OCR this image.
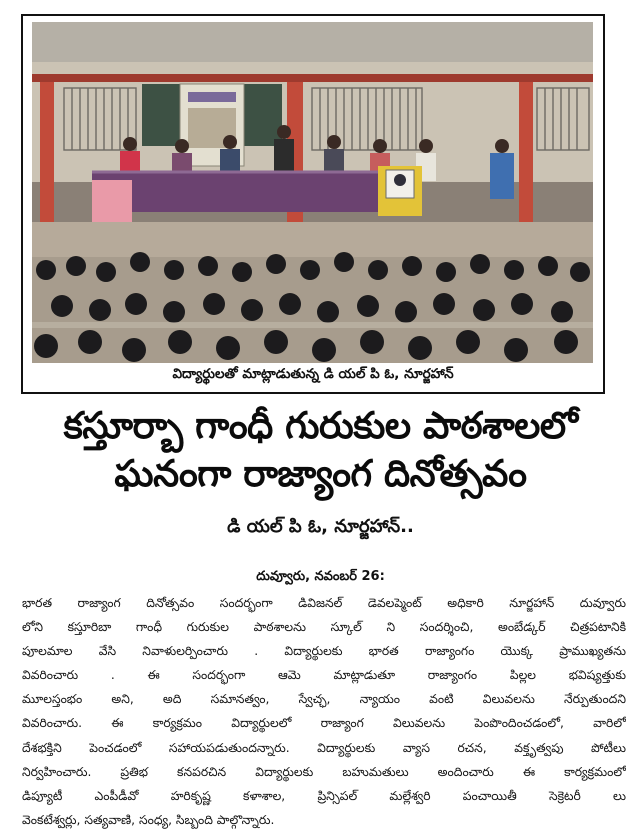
విద్యార్థులతో మాట్లాడుతున్న డి యల్ పి ఓ, నూర్జహాన్
కస్తూర్బా గాంధీ గురుకుల పాఠశాలలో
ఘనంగా రాజ్యాంగ దినోత్సవం
డి యల్ పి ఓ, నూర్జహాన్..
దువ్వూరు, నవంబర్ 26:
భారత రాజ్యాంగ దినోత్సవం సందర్భంగా డివిజనల్ డెవలప్మెంట్ అధికారి నూర్జహాన్ దువ్వూరు
లోని కస్తూరిబా గాంధీ గురుకుల పాఠశాలను స్కూల్ ని సందర్శించి, అంబేడ్కర్ చిత్రపటానికి
పూలమాల వేసి నివాళులర్పించారు . విద్యార్థులకు భారత రాజ్యాంగం యొక్క ప్రాముఖ్యతను
వివరించారు . ఈ సందర్భంగా ఆమె మాట్లాడుతూ రాజ్యాంగం పిల్లల భవిష్యత్తుకు
మూలస్తంభం అని, అది సమానత్వం, స్వేచ్ఛ, న్యాయం వంటి విలువలను నేర్పుతుందని
వివరించారు. ఈ కార్యక్రమం విద్యార్థులలో రాజ్యాంగ విలువలను పెంపొందించడంలో, వారిలో
దేశభక్తిని పెంచడంలో సహాయపడుతుందన్నారు. విద్యార్థులకు వ్యాస రచన, వక్తృత్వపు పోటీలు
నిర్వహించారు. ప్రతిభ కనపరచిన విద్యార్థులకు బహుమతులు అందించారు ఈ కార్యక్రమంలో
డిప్యూటీ ఎంపీడీవో హరికృష్ణ కళాశాల, ప్రిన్సిపల్ మల్లేశ్వరి పంచాయితీ సెక్రెటరీ లు
వెంకటేశ్వర్లు, సత్యవాణి, సంధ్య, సిబ్బంది పాల్గొన్నారు.
